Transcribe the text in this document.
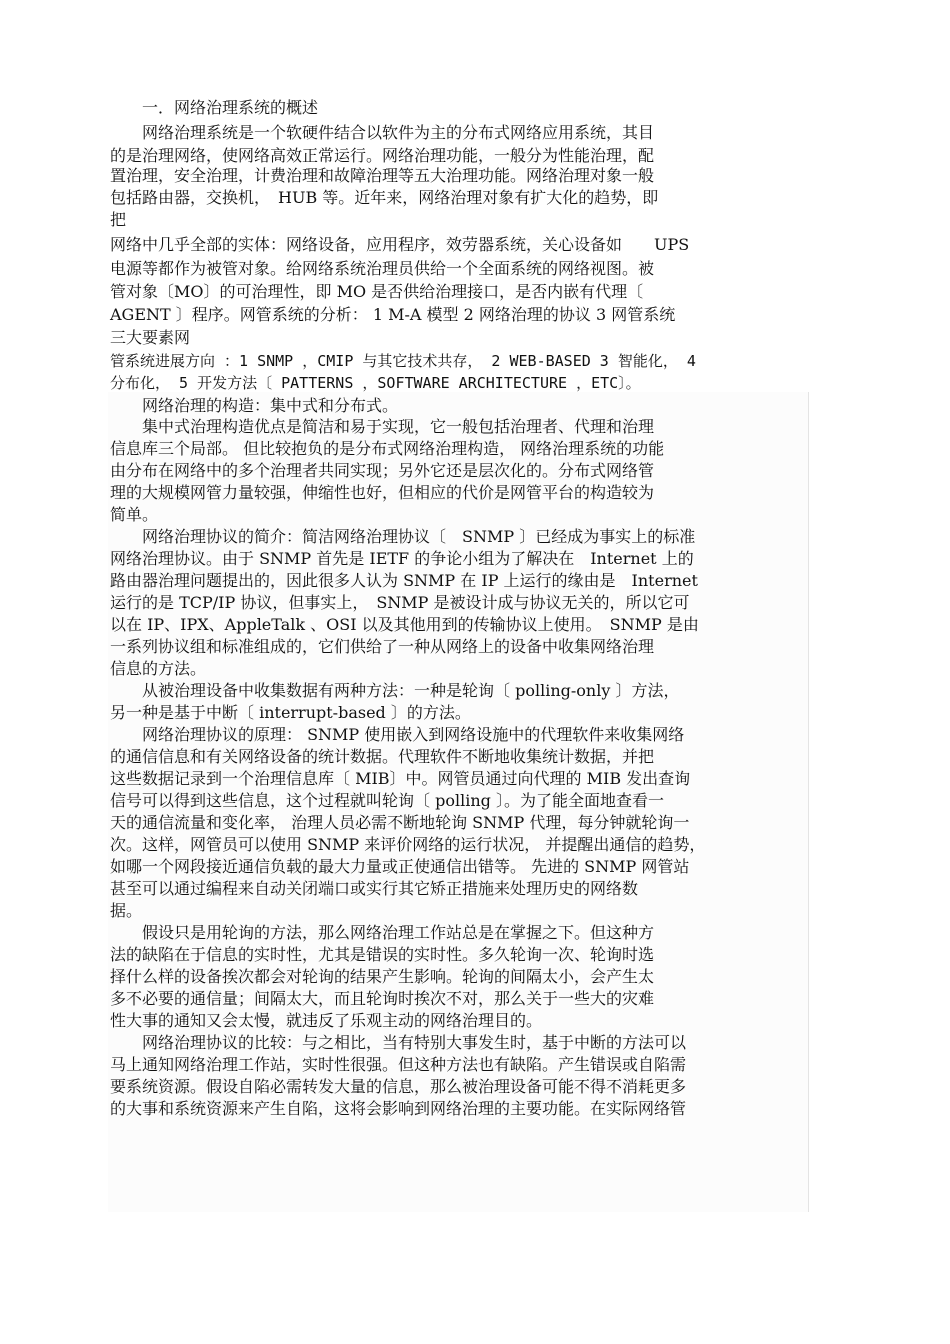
　　一．网络治理系统的概述
　　网络治理系统是一个软硬件结合以软件为主的分布式网络应用系统，其目
的是治理网络，使网络高效正常运行。网络治理功能，一般分为性能治理，配
置治理，安全治理，计费治理和故障治理等五大治理功能。网络治理对象一般
包括路由器，交换机，　HUB 等。近年来，网络治理对象有扩大化的趋势，即
把
网络中几乎全部的实体：网络设备，应用程序，效劳器系统，关心设备如　　UPS
电源等都作为被管对象。给网络系统治理员供给一个全面系统的网络视图。被
管对象〔MO〕的可治理性，即 MO 是否供给治理接口，是否内嵌有代理〔
AGENT 〕程序。网管系统的分析： 1 M-A 模型 2 网络治理的协议 3 网管系统
三大要素网
管系统进展方向 ：1 SNMP ，CMIP 与其它技术共存， 2 WEB-BASED 3 智能化， 4
分布化， 5 开发方法〔 PATTERNS ，SOFTWARE ARCHITECTURE ，ETC〕。
　　网络治理的构造：集中式和分布式。
　　集中式治理构造优点是简洁和易于实现，它一般包括治理者、代理和治理
信息库三个局部。 但比较抱负的是分布式网络治理构造， 网络治理系统的功能
由分布在网络中的多个治理者共同实现；另外它还是层次化的。分布式网络管
理的大规模网管力量较强，伸缩性也好，但相应的代价是网管平台的构造较为
简单。
　　网络治理协议的简介：简洁网络治理协议〔　SNMP 〕已经成为事实上的标准
网络治理协议。由于 SNMP 首先是 IETF 的争论小组为了解决在　Internet 上的
路由器治理问题提出的，因此很多人认为 SNMP 在 IP 上运行的缘由是　Internet
运行的是 TCP/IP 协议，但事实上，　SNMP 是被设计成与协议无关的，所以它可
以在 IP、IPX、AppleTalk 、OSI 以及其他用到的传输协议上使用。　SNMP 是由
一系列协议组和标准组成的，它们供给了一种从网络上的设备中收集网络治理
信息的方法。
　　从被治理设备中收集数据有两种方法：一种是轮询〔 polling-only 〕方法，
另一种是基于中断〔 interrupt-based 〕的方法。
　　网络治理协议的原理： SNMP 使用嵌入到网络设施中的代理软件来收集网络
的通信信息和有关网络设备的统计数据。代理软件不断地收集统计数据，并把
这些数据记录到一个治理信息库〔 MIB〕中。网管员通过向代理的 MIB 发出查询
信号可以得到这些信息，这个过程就叫轮询〔 polling 〕。为了能全面地查看一
天的通信流量和变化率， 治理人员必需不断地轮询 SNMP 代理，每分钟就轮询一
次。这样，网管员可以使用 SNMP 来评价网络的运行状况， 并提醒出通信的趋势，
如哪一个网段接近通信负载的最大力量或正使通信出错等。 先进的 SNMP 网管站
甚至可以通过编程来自动关闭端口或实行其它矫正措施来处理历史的网络数
据。
　　假设只是用轮询的方法，那么网络治理工作站总是在掌握之下。但这种方
法的缺陷在于信息的实时性，尤其是错误的实时性。多久轮询一次、轮询时选
择什么样的设备挨次都会对轮询的结果产生影响。轮询的间隔太小，会产生太
多不必要的通信量；间隔太大，而且轮询时挨次不对，那么关于一些大的灾难
性大事的通知又会太慢，就违反了乐观主动的网络治理目的。
　　网络治理协议的比较：与之相比，当有特别大事发生时，基于中断的方法可以
马上通知网络治理工作站，实时性很强。但这种方法也有缺陷。产生错误或自陷需
要系统资源。假设自陷必需转发大量的信息，那么被治理设备可能不得不消耗更多
的大事和系统资源来产生自陷，这将会影响到网络治理的主要功能。在实际网络管
